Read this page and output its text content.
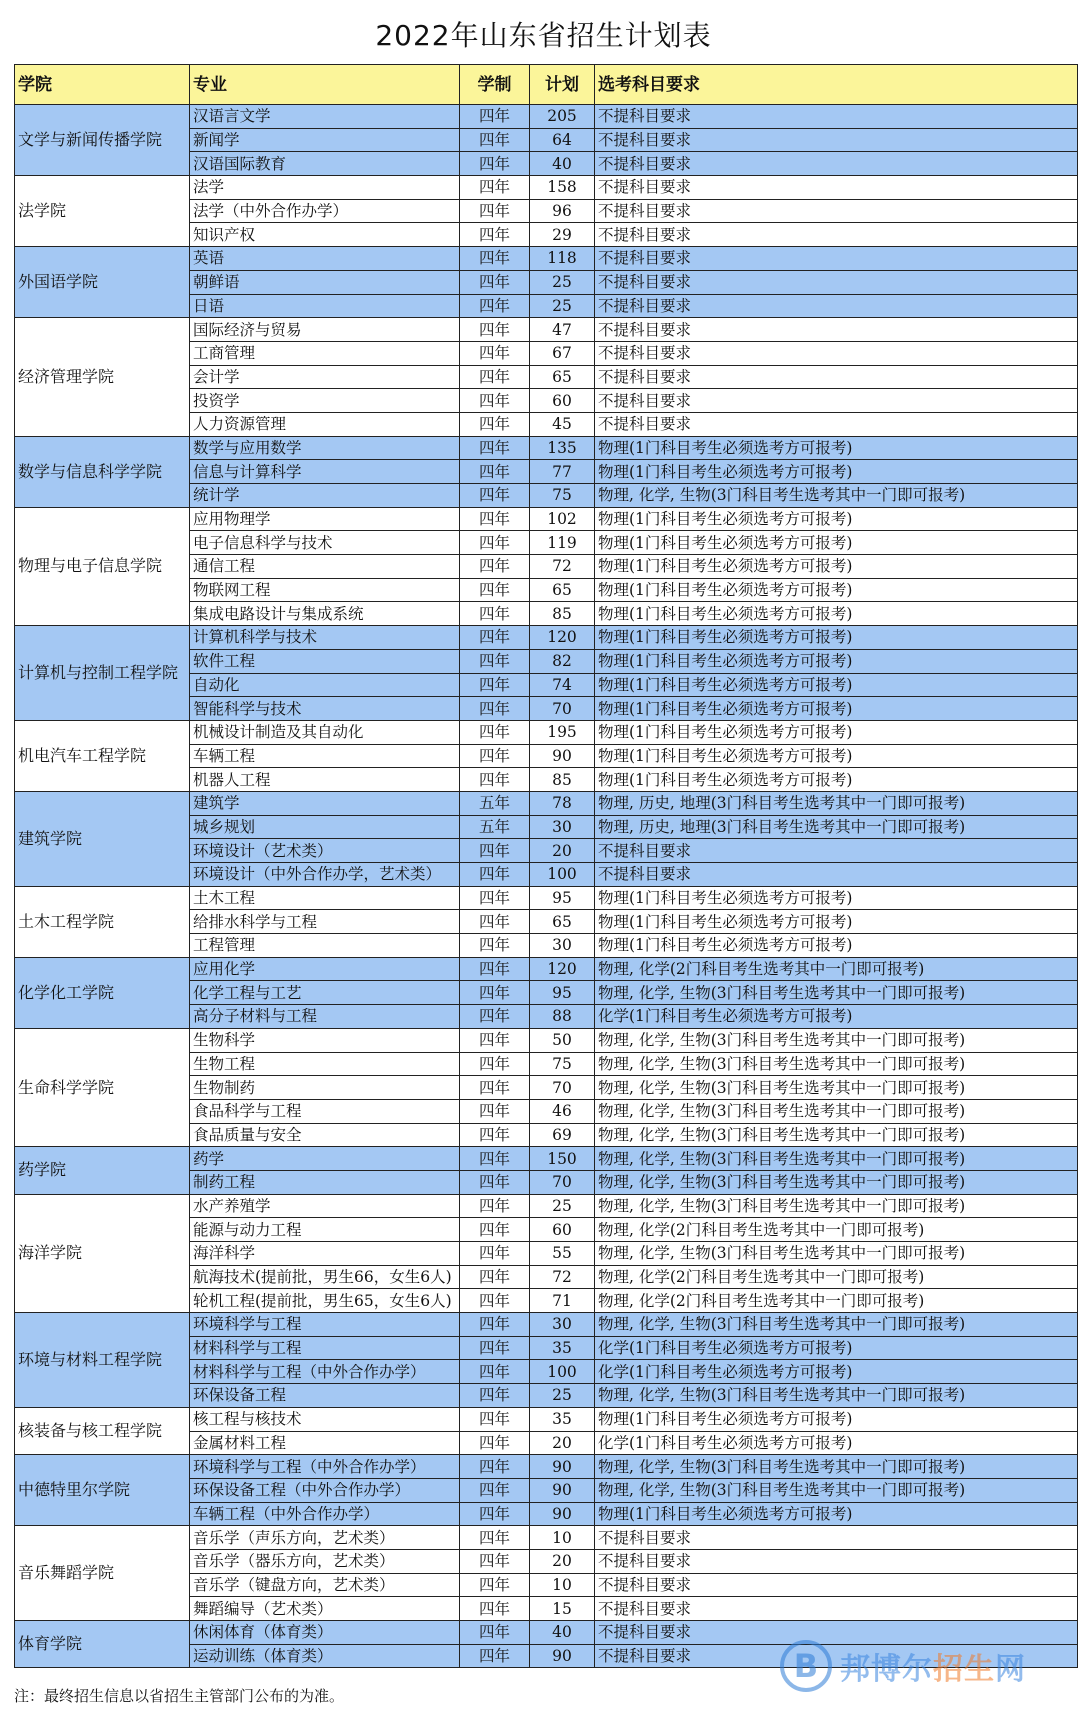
2022年山东省招生计划表
学院	专业	学制	计划	选考科目要求
文学与新闻传播学院	汉语言文学	四年	205	不提科目要求
	新闻学	四年	64	不提科目要求
	汉语国际教育	四年	40	不提科目要求
法学院	法学	四年	158	不提科目要求
	法学（中外合作办学）	四年	96	不提科目要求
	知识产权	四年	29	不提科目要求
外国语学院	英语	四年	118	不提科目要求
	朝鲜语	四年	25	不提科目要求
	日语	四年	25	不提科目要求
经济管理学院	国际经济与贸易	四年	47	不提科目要求
	工商管理	四年	67	不提科目要求
	会计学	四年	65	不提科目要求
	投资学	四年	60	不提科目要求
	人力资源管理	四年	45	不提科目要求
数学与信息科学学院	数学与应用数学	四年	135	物理(1门科目考生必须选考方可报考)
	信息与计算科学	四年	77	物理(1门科目考生必须选考方可报考)
	统计学	四年	75	物理, 化学, 生物(3门科目考生选考其中一门即可报考)
物理与电子信息学院	应用物理学	四年	102	物理(1门科目考生必须选考方可报考)
	电子信息科学与技术	四年	119	物理(1门科目考生必须选考方可报考)
	通信工程	四年	72	物理(1门科目考生必须选考方可报考)
	物联网工程	四年	65	物理(1门科目考生必须选考方可报考)
	集成电路设计与集成系统	四年	85	物理(1门科目考生必须选考方可报考)
计算机与控制工程学院	计算机科学与技术	四年	120	物理(1门科目考生必须选考方可报考)
	软件工程	四年	82	物理(1门科目考生必须选考方可报考)
	自动化	四年	74	物理(1门科目考生必须选考方可报考)
	智能科学与技术	四年	70	物理(1门科目考生必须选考方可报考)
机电汽车工程学院	机械设计制造及其自动化	四年	195	物理(1门科目考生必须选考方可报考)
	车辆工程	四年	90	物理(1门科目考生必须选考方可报考)
	机器人工程	四年	85	物理(1门科目考生必须选考方可报考)
建筑学院	建筑学	五年	78	物理, 历史, 地理(3门科目考生选考其中一门即可报考)
	城乡规划	五年	30	物理, 历史, 地理(3门科目考生选考其中一门即可报考)
	环境设计（艺术类）	四年	20	不提科目要求
	环境设计（中外合作办学，艺术类）	四年	100	不提科目要求
土木工程学院	土木工程	四年	95	物理(1门科目考生必须选考方可报考)
	给排水科学与工程	四年	65	物理(1门科目考生必须选考方可报考)
	工程管理	四年	30	物理(1门科目考生必须选考方可报考)
化学化工学院	应用化学	四年	120	物理, 化学(2门科目考生选考其中一门即可报考)
	化学工程与工艺	四年	95	物理, 化学, 生物(3门科目考生选考其中一门即可报考)
	高分子材料与工程	四年	88	化学(1门科目考生必须选考方可报考)
生命科学学院	生物科学	四年	50	物理, 化学, 生物(3门科目考生选考其中一门即可报考)
	生物工程	四年	75	物理, 化学, 生物(3门科目考生选考其中一门即可报考)
	生物制药	四年	70	物理, 化学, 生物(3门科目考生选考其中一门即可报考)
	食品科学与工程	四年	46	物理, 化学, 生物(3门科目考生选考其中一门即可报考)
	食品质量与安全	四年	69	物理, 化学, 生物(3门科目考生选考其中一门即可报考)
药学院	药学	四年	150	物理, 化学, 生物(3门科目考生选考其中一门即可报考)
	制药工程	四年	70	物理, 化学, 生物(3门科目考生选考其中一门即可报考)
海洋学院	水产养殖学	四年	25	物理, 化学, 生物(3门科目考生选考其中一门即可报考)
	能源与动力工程	四年	60	物理, 化学(2门科目考生选考其中一门即可报考)
	海洋科学	四年	55	物理, 化学, 生物(3门科目考生选考其中一门即可报考)
	航海技术(提前批，男生66，女生6人)	四年	72	物理, 化学(2门科目考生选考其中一门即可报考)
	轮机工程(提前批，男生65，女生6人)	四年	71	物理, 化学(2门科目考生选考其中一门即可报考)
环境与材料工程学院	环境科学与工程	四年	30	物理, 化学, 生物(3门科目考生选考其中一门即可报考)
	材料科学与工程	四年	35	化学(1门科目考生必须选考方可报考)
	材料科学与工程（中外合作办学）	四年	100	化学(1门科目考生必须选考方可报考)
	环保设备工程	四年	25	物理, 化学, 生物(3门科目考生选考其中一门即可报考)
核装备与核工程学院	核工程与核技术	四年	35	物理(1门科目考生必须选考方可报考)
	金属材料工程	四年	20	化学(1门科目考生必须选考方可报考)
中德特里尔学院	环境科学与工程（中外合作办学）	四年	90	物理, 化学, 生物(3门科目考生选考其中一门即可报考)
	环保设备工程（中外合作办学）	四年	90	物理, 化学, 生物(3门科目考生选考其中一门即可报考)
	车辆工程（中外合作办学）	四年	90	物理(1门科目考生必须选考方可报考)
音乐舞蹈学院	音乐学（声乐方向，艺术类）	四年	10	不提科目要求
	音乐学（器乐方向，艺术类）	四年	20	不提科目要求
	音乐学（键盘方向，艺术类）	四年	10	不提科目要求
	舞蹈编导（艺术类）	四年	15	不提科目要求
体育学院	休闲体育（体育类）	四年	40	不提科目要求
	运动训练（体育类）	四年	90	不提科目要求
注：最终招生信息以省招生主管部门公布的为准。
B 邦博尔招生网
